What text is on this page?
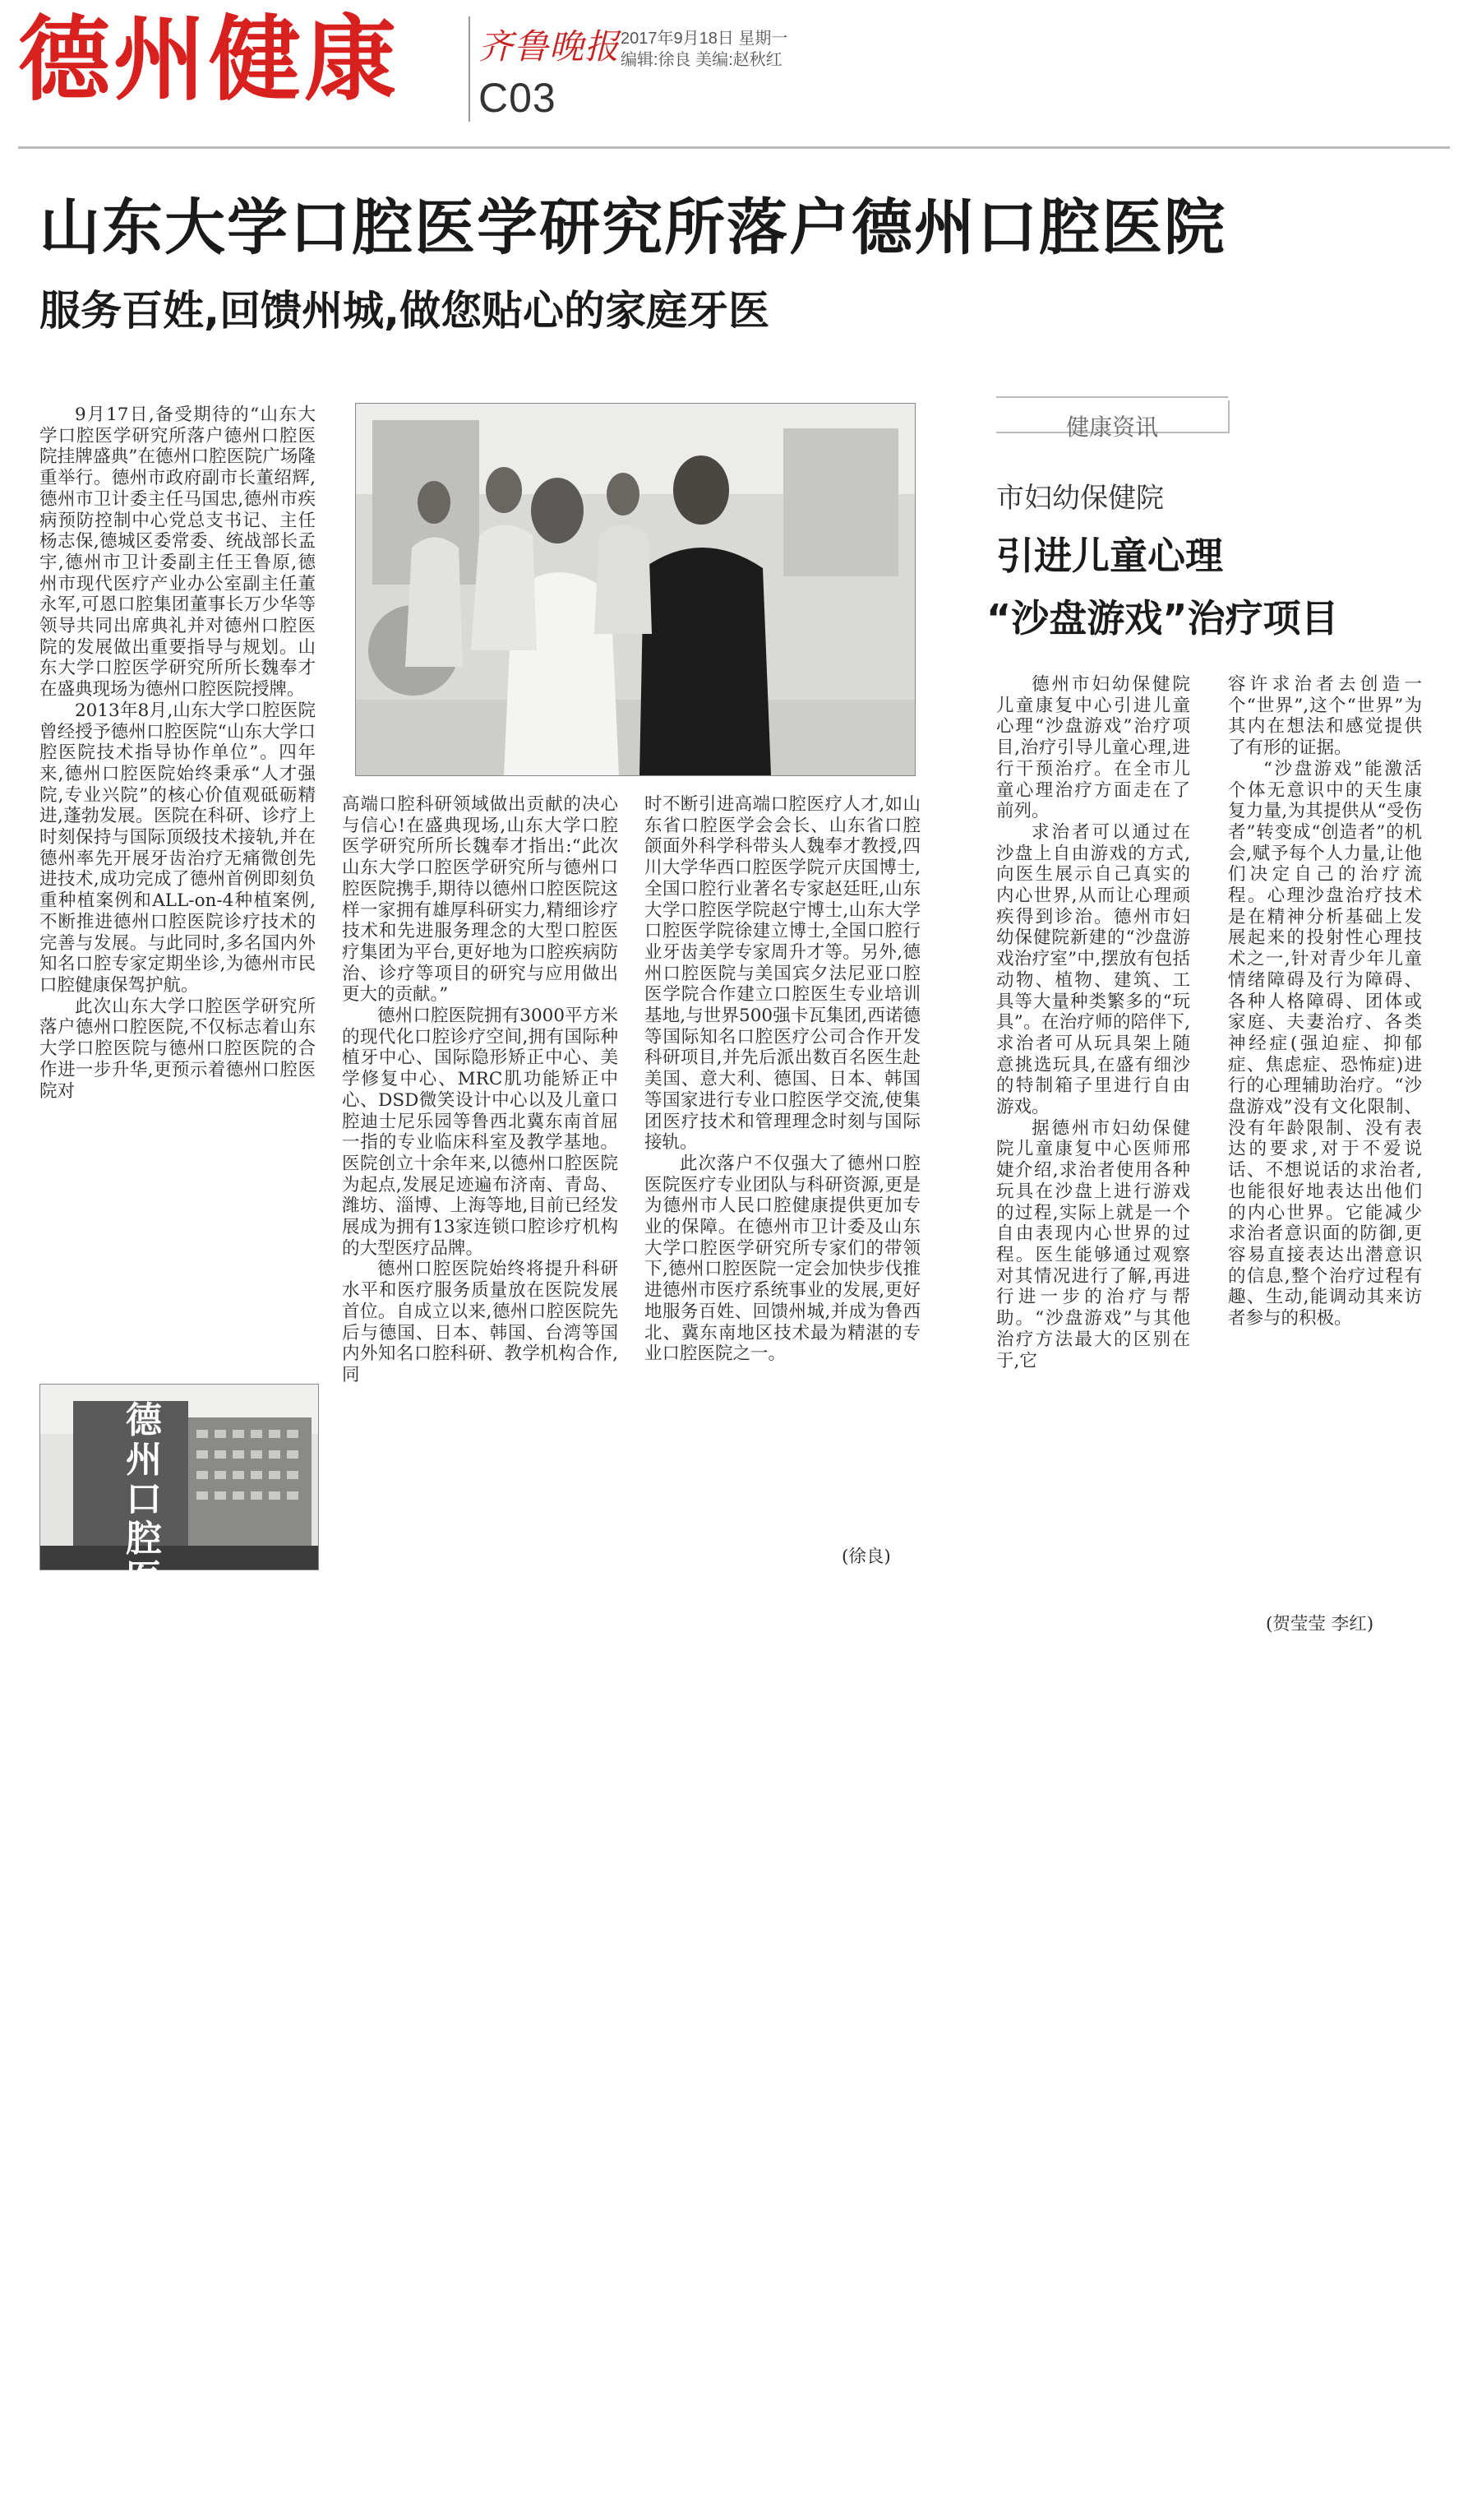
德州健康 齐鲁晚报 2017年9月18日 星期一
编辑:徐良 美编:赵秋红
C03
山东大学口腔医学研究所落户德州口腔医院
服务百姓,回馈州城,做您贴心的家庭牙医

9月17日,备受期待的“山东大学口腔医学研究所落户德州口腔医院挂牌盛典”在德州口腔医院广场隆重举行。德州市政府副市长董绍辉,德州市卫计委主任马国忠,德州市疾病预防控制中心党总支书记、主任杨志保,德城区委常委、统战部长孟宇,德州市卫计委副主任王鲁原,德州市现代医疗产业办公室副主任董永军,可恩口腔集团董事长万少华等领导共同出席典礼并对德州口腔医院的发展做出重要指导与规划。山东大学口腔医学研究所所长魏奉才在盛典现场为德州口腔医院授牌。

2013年8月,山东大学口腔医院曾经授予德州口腔医院“山东大学口腔医院技术指导协作单位”。四年来,德州口腔医院始终秉承“人才强院,专业兴院”的核心价值观砥砺精进,蓬勃发展。医院在科研、诊疗上时刻保持与国际顶级技术接轨,并在德州率先开展牙齿治疗无痛微创先进技术,成功完成了德州首例即刻负重种植案例和ALL-on-4种植案例,不断推进德州口腔医院诊疗技术的完善与发展。与此同时,多名国内外知名口腔专家定期坐诊,为德州市民口腔健康保驾护航。

此次山东大学口腔医学研究所落户德州口腔医院,不仅标志着山东大学口腔医院与德州口腔医院的合作进一步升华,更预示着德州口腔医院对

德州口腔医院

高端口腔科研领域做出贡献的决心与信心!在盛典现场,山东大学口腔医学研究所所长魏奉才指出:“此次山东大学口腔医学研究所与德州口腔医院携手,期待以德州口腔医院这样一家拥有雄厚科研实力,精细诊疗技术和先进服务理念的大型口腔医疗集团为平台,更好地为口腔疾病防治、诊疗等项目的研究与应用做出更大的贡献。”

德州口腔医院拥有3000平方米的现代化口腔诊疗空间,拥有国际种植牙中心、国际隐形矫正中心、美学修复中心、MRC肌功能矫正中心、DSD微笑设计中心以及儿童口腔迪士尼乐园等鲁西北冀东南首屈一指的专业临床科室及教学基地。医院创立十余年来,以德州口腔医院为起点,发展足迹遍布济南、青岛、潍坊、淄博、上海等地,目前已经发展成为拥有13家连锁口腔诊疗机构的大型医疗品牌。

德州口腔医院始终将提升科研水平和医疗服务质量放在医院发展首位。自成立以来,德州口腔医院先后与德国、日本、韩国、台湾等国内外知名口腔科研、教学机构合作,同

时不断引进高端口腔医疗人才,如山东省口腔医学会会长、山东省口腔颌面外科学科带头人魏奉才教授,四川大学华西口腔医学院亓庆国博士,全国口腔行业著名专家赵廷旺,山东大学口腔医学院赵宁博士,山东大学口腔医学院徐建立博士,全国口腔行业牙齿美学专家周升才等。另外,德州口腔医院与美国宾夕法尼亚口腔医学院合作建立口腔医生专业培训基地,与世界500强卡瓦集团,西诺德等国际知名口腔医疗公司合作开发科研项目,并先后派出数百名医生赴美国、意大利、德国、日本、韩国等国家进行专业口腔医学交流,使集团医疗技术和管理理念时刻与国际接轨。

此次落户不仅强大了德州口腔医院医疗专业团队与科研资源,更是为德州市人民口腔健康提供更加专业的保障。在德州市卫计委及山东大学口腔医学研究所专家们的带领下,德州口腔医院一定会加快步伐推进德州市医疗系统事业的发展,更好地服务百姓、回馈州城,并成为鲁西北、冀东南地区技术最为精湛的专业口腔医院之一。

(徐良)
健康资讯
市妇幼保健院
引进儿童心理
“沙盘游戏”治疗项目

德州市妇幼保健院儿童康复中心引进儿童心理“沙盘游戏”治疗项目,治疗引导儿童心理,进行干预治疗。在全市儿童心理治疗方面走在了前列。

求治者可以通过在沙盘上自由游戏的方式,向医生展示自己真实的内心世界,从而让心理顽疾得到诊治。德州市妇幼保健院新建的“沙盘游戏治疗室”中,摆放有包括动物、植物、建筑、工具等大量种类繁多的“玩具”。在治疗师的陪伴下,求治者可从玩具架上随意挑选玩具,在盛有细沙的特制箱子里进行自由游戏。

据德州市妇幼保健院儿童康复中心医师邢婕介绍,求治者使用各种玩具在沙盘上进行游戏的过程,实际上就是一个自由表现内心世界的过程。医生能够通过观察对其情况进行了解,再进行进一步的治疗与帮助。“沙盘游戏”与其他治疗方法最大的区别在于,它

容许求治者去创造一个“世界”,这个“世界”为其内在想法和感觉提供了有形的证据。

“沙盘游戏”能激活个体无意识中的天生康复力量,为其提供从“受伤者”转变成“创造者”的机会,赋予每个人力量,让他们决定自己的治疗流程。心理沙盘治疗技术是在精神分析基础上发展起来的投射性心理技术之一,针对青少年儿童情绪障碍及行为障碍、各种人格障碍、团体或家庭、夫妻治疗、各类神经症(强迫症、抑郁症、焦虑症、恐怖症)进行的心理辅助治疗。“沙盘游戏”没有文化限制、没有年龄限制、没有表达的要求,对于不爱说话、不想说话的求治者,也能很好地表达出他们的内心世界。它能减少求治者意识面的防御,更容易直接表达出潜意识的信息,整个治疗过程有趣、生动,能调动其来访者参与的积极。

(贺莹莹 李红)
